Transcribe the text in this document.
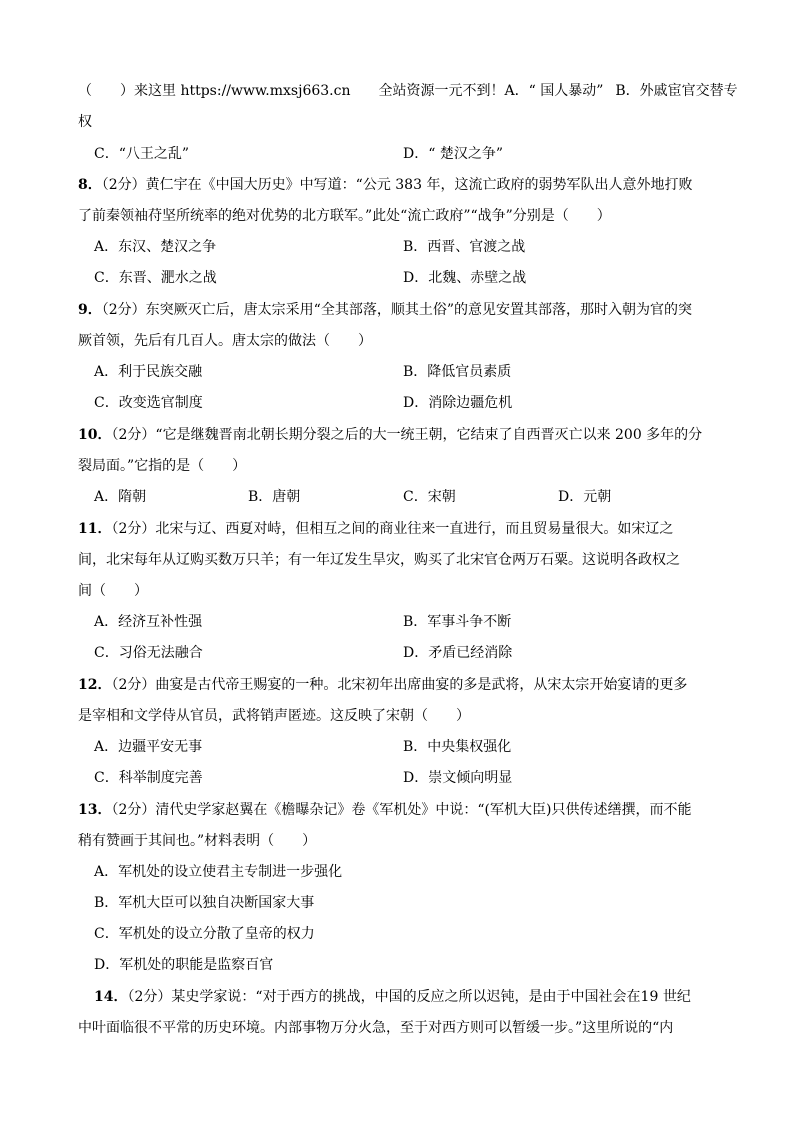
（　　）来这里 https://www.mxsj663.cn 全站资源一元不到！A．“ 国人暴动” B．外戚宦官交替专
权
C．“八王之乱”	D．“ 楚汉之争”
8．（2分）黄仁宇在《中国大历史》中写道：“公元 383 年，这流亡政府的弱势军队出人意外地打败
了前秦领袖苻坚所统率的绝对优势的北方联军。”此处“流亡政府”“战争”分别是（　　）
A．东汉、楚汉之争	B．西晋、官渡之战
C．东晋、淝水之战	D．北魏、赤壁之战
9．（2分）东突厥灭亡后，唐太宗采用“全其部落，顺其土俗”的意见安置其部落，那时入朝为官的突
厥首领，先后有几百人。唐太宗的做法（　　）
A．利于民族交融	B．降低官员素质
C．改变选官制度	D．消除边疆危机
10．（2分）“它是继魏晋南北朝长期分裂之后的大一统王朝，它结束了自西晋灭亡以来 200 多年的分
裂局面。”它指的是（　　）
A．隋朝	B．唐朝	C．宋朝	D．元朝
11．（2分）北宋与辽、西夏对峙，但相互之间的商业往来一直进行，而且贸易量很大。如宋辽之
间，北宋每年从辽购买数万只羊；有一年辽发生旱灾，购买了北宋官仓两万石粟。这说明各政权之
间（　　）
A．经济互补性强	B．军事斗争不断
C．习俗无法融合	D．矛盾已经消除
12．（2分）曲宴是古代帝王赐宴的一种。北宋初年出席曲宴的多是武将，从宋太宗开始宴请的更多
是宰相和文学侍从官员，武将销声匿迹。这反映了宋朝（　　）
A．边疆平安无事	B．中央集权强化
C．科举制度完善	D．崇文倾向明显
13．（2分）清代史学家赵翼在《檐曝杂记》卷《军机处》中说：“(军机大臣)只供传述缮撰，而不能
稍有赞画于其间也。”材料表明（　　）
A．军机处的设立使君主专制进一步强化
B．军机大臣可以独自决断国家大事
C．军机处的设立分散了皇帝的权力
D．军机处的职能是监察百官
14．（2分）某史学家说：“对于西方的挑战，中国的反应之所以迟钝，是由于中国社会在19 世纪
中叶面临很不平常的历史环境。内部事物万分火急，至于对西方则可以暂缓一步。”这里所说的“内
